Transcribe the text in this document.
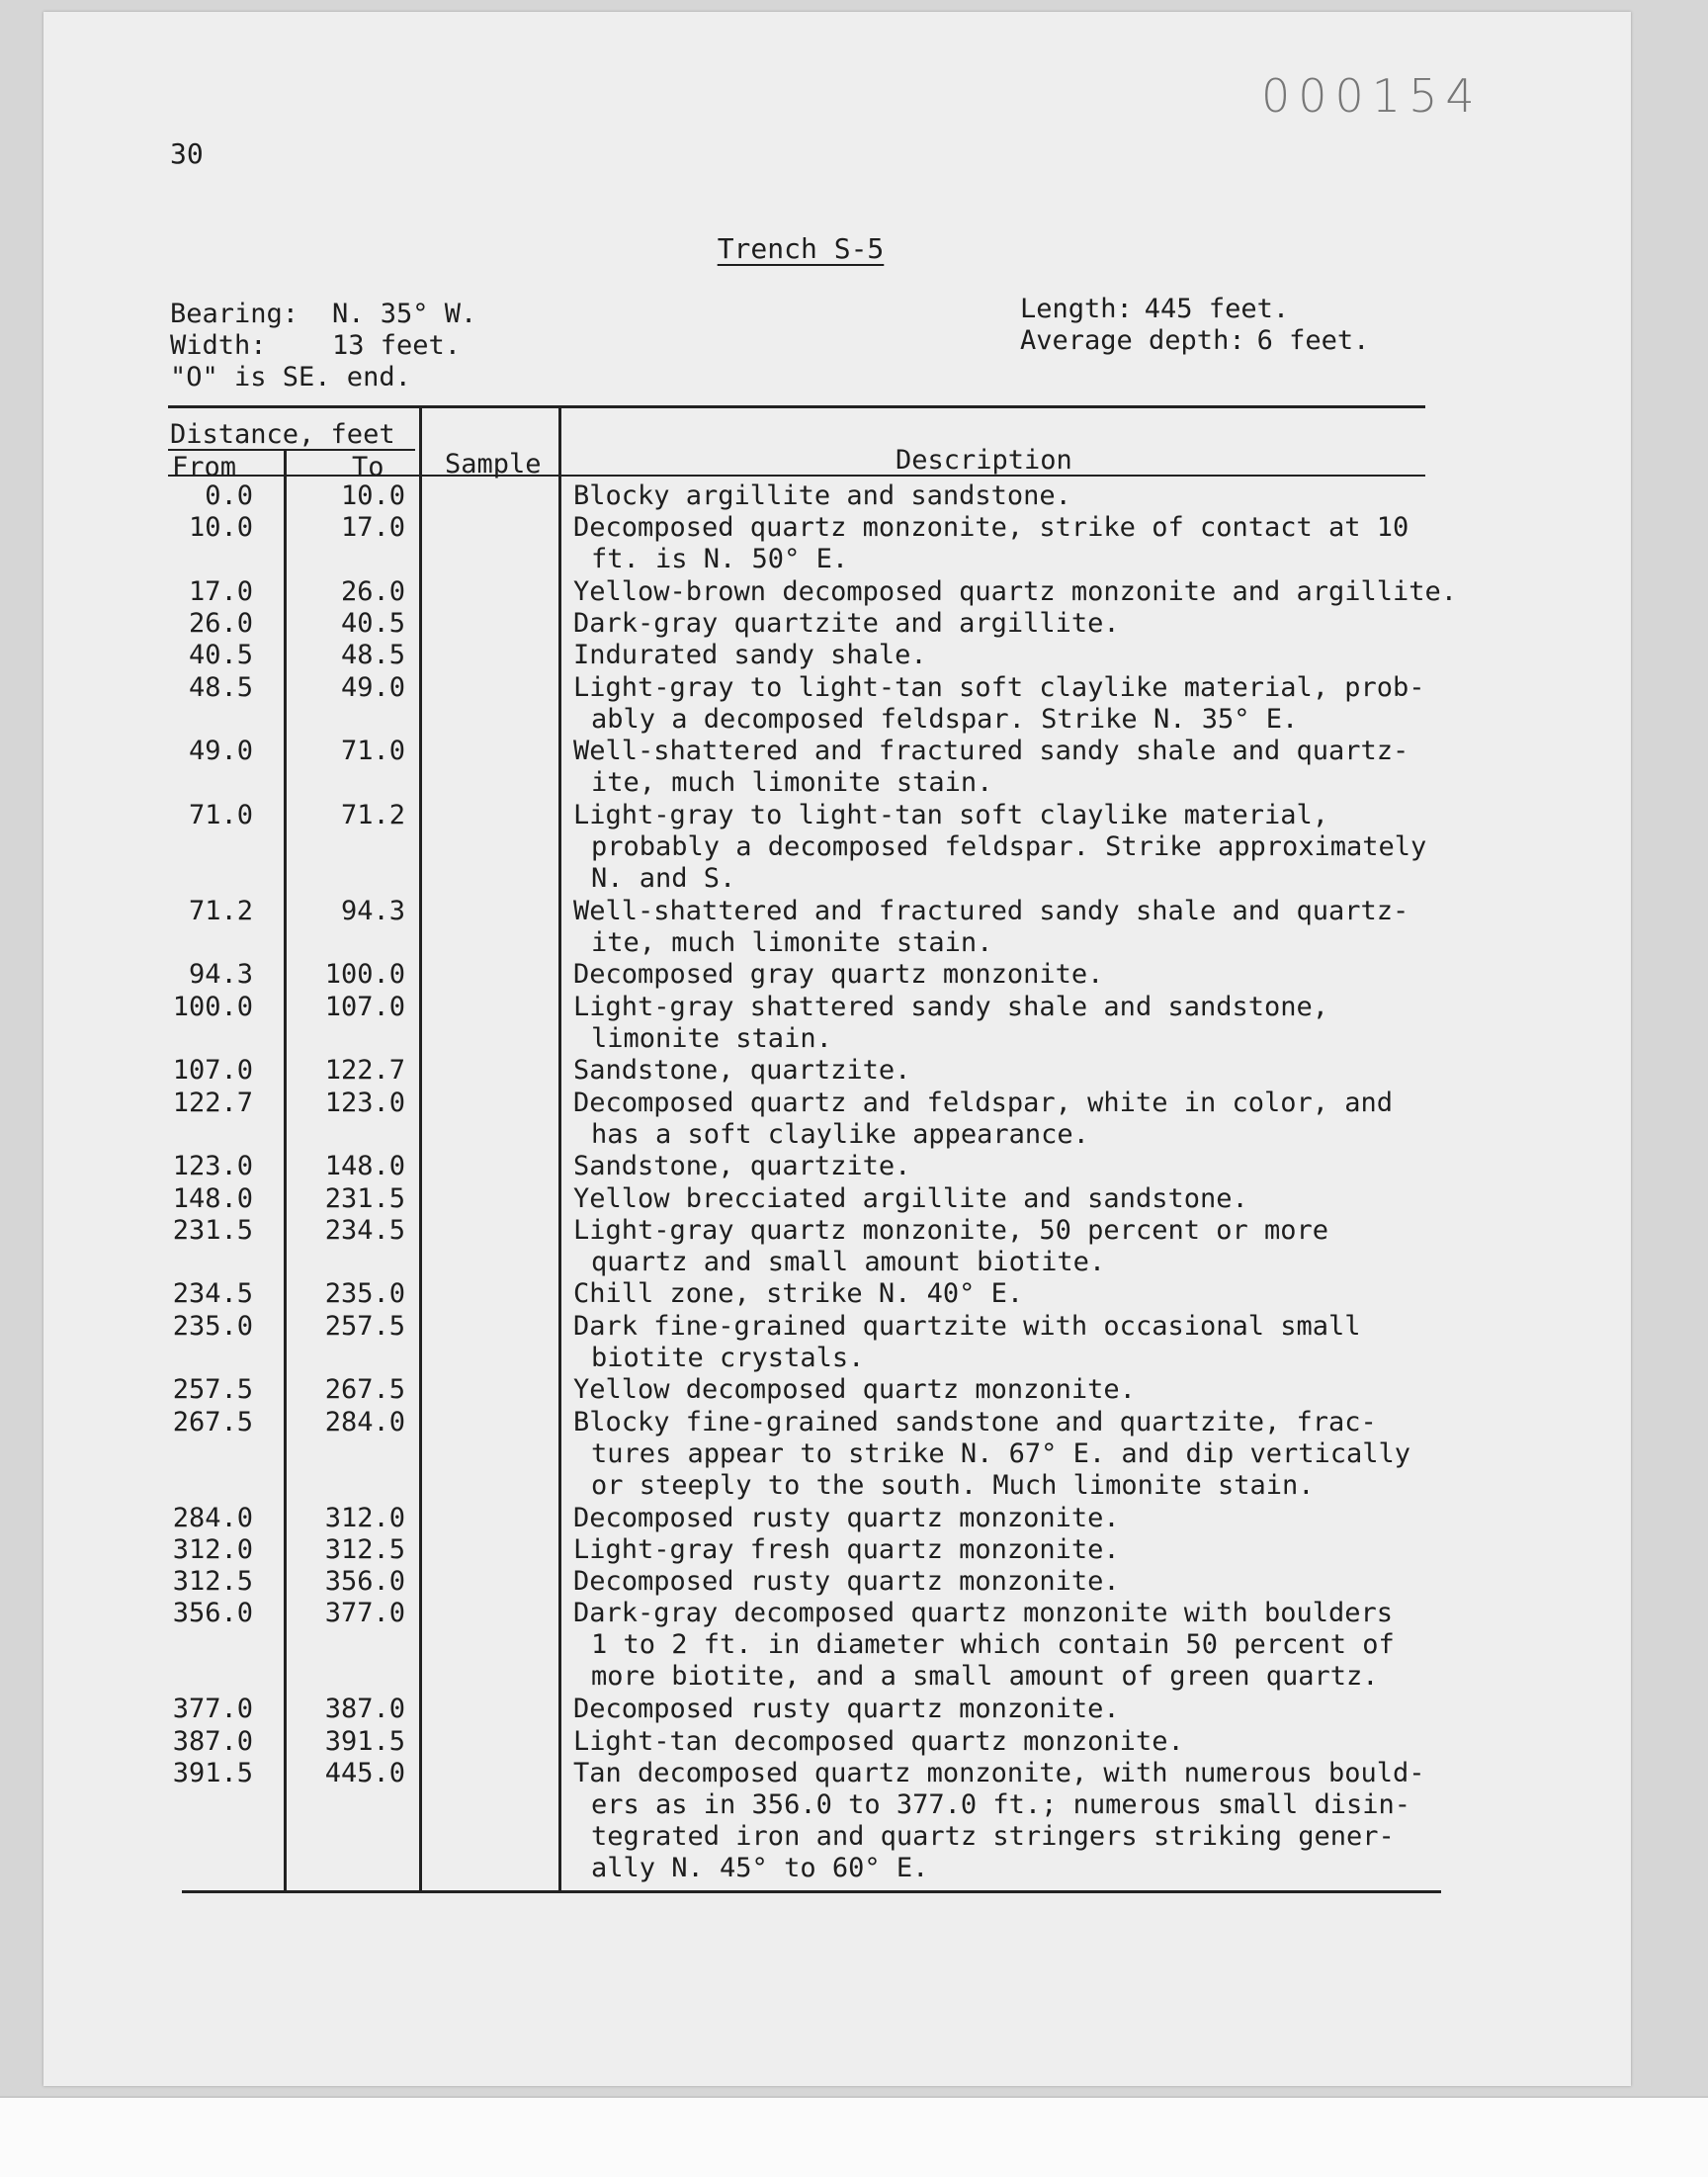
000154
30
Trench S-5
Bearing:	N. 35° W.
Width:	13 feet.
"O" is SE. end.
Length: 445 feet.
Average depth: 6 feet.
Distance, feet
From	To Sample	Description
0.0	10.0	Blocky argillite and sandstone.
10.0	17.0	Decomposed quartz monzonite, strike of contact at 10
ft. is N. 50° E.
17.0	26.0	Yellow-brown decomposed quartz monzonite and argillite.
26.0	40.5	Dark-gray quartzite and argillite.
40.5	48.5	Indurated sandy shale.
48.5	49.0	Light-gray to light-tan soft claylike material, prob-
ably a decomposed feldspar. Strike N. 35° E.
49.0	71.0	Well-shattered and fractured sandy shale and quartz-
ite, much limonite stain.
71.0	71.2	Light-gray to light-tan soft claylike material,
probably a decomposed feldspar. Strike approximately
N. and S.
71.2	94.3	Well-shattered and fractured sandy shale and quartz-
ite, much limonite stain.
94.3	100.0	Decomposed gray quartz monzonite.
100.0	107.0	Light-gray shattered sandy shale and sandstone,
limonite stain.
107.0	122.7	Sandstone, quartzite.
122.7	123.0	Decomposed quartz and feldspar, white in color, and
has a soft claylike appearance.
123.0	148.0	Sandstone, quartzite.
148.0	231.5	Yellow brecciated argillite and sandstone.
231.5	234.5	Light-gray quartz monzonite, 50 percent or more
quartz and small amount biotite.
234.5	235.0	Chill zone, strike N. 40° E.
235.0	257.5	Dark fine-grained quartzite with occasional small
biotite crystals.
257.5	267.5	Yellow decomposed quartz monzonite.
267.5	284.0	Blocky fine-grained sandstone and quartzite, frac-
tures appear to strike N. 67° E. and dip vertically
or steeply to the south. Much limonite stain.
284.0	312.0	Decomposed rusty quartz monzonite.
312.0	312.5	Light-gray fresh quartz monzonite.
312.5	356.0	Decomposed rusty quartz monzonite.
356.0	377.0	Dark-gray decomposed quartz monzonite with boulders
1 to 2 ft. in diameter which contain 50 percent of
more biotite, and a small amount of green quartz.
377.0	387.0	Decomposed rusty quartz monzonite.
387.0	391.5	Light-tan decomposed quartz monzonite.
391.5	445.0	Tan decomposed quartz monzonite, with numerous bould-
ers as in 356.0 to 377.0 ft.; numerous small disin-
tegrated iron and quartz stringers striking gener-
ally N. 45° to 60° E.
